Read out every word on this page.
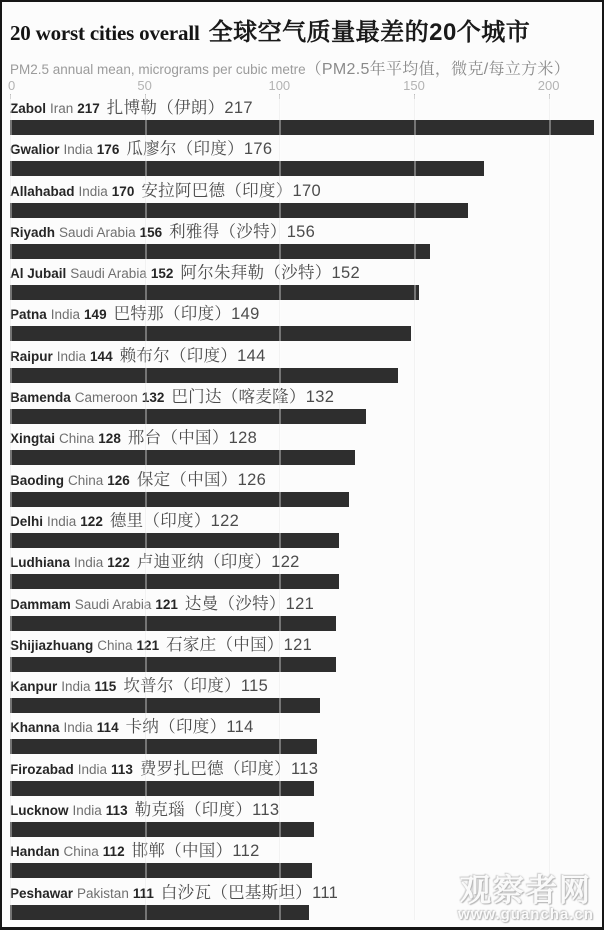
20 worst cities overall 全球空气质量最差的20个城市
PM2.5 annual mean, micrograms per cubic metre （PM2.5年平均值，微克/每立方米）
0	50	100	150	200
Zabol Iran 217 扎博勒（伊朗）217
Gwalior India 176 瓜廖尔（印度）176
Allahabad India 170 安拉阿巴德（印度）170
Riyadh Saudi Arabia 156 利雅得（沙特）156
Al Jubail Saudi Arabia 152 阿尔朱拜勒（沙特）152
Patna India 149 巴特那（印度）149
Raipur India 144 赖布尔（印度）144
Bamenda Cameroon 132 巴门达（喀麦隆）132
Xingtai China 128 邢台（中国）128
Baoding China 126 保定（中国）126
Delhi India 122 德里（印度）122
Ludhiana India 122 卢迪亚纳（印度）122
Dammam Saudi Arabia 121 达曼（沙特）121
Shijiazhuang China 121 石家庄（中国）121
Kanpur India 115 坎普尔（印度）115
Khanna India 114 卡纳（印度）114
Firozabad India 113 费罗扎巴德（印度）113
Lucknow India 113 勒克瑙（印度）113
Handan China 112 邯郸（中国）112
Peshawar Pakistan 111 白沙瓦（巴基斯坦）111	观察者网
www.guancha.cn
